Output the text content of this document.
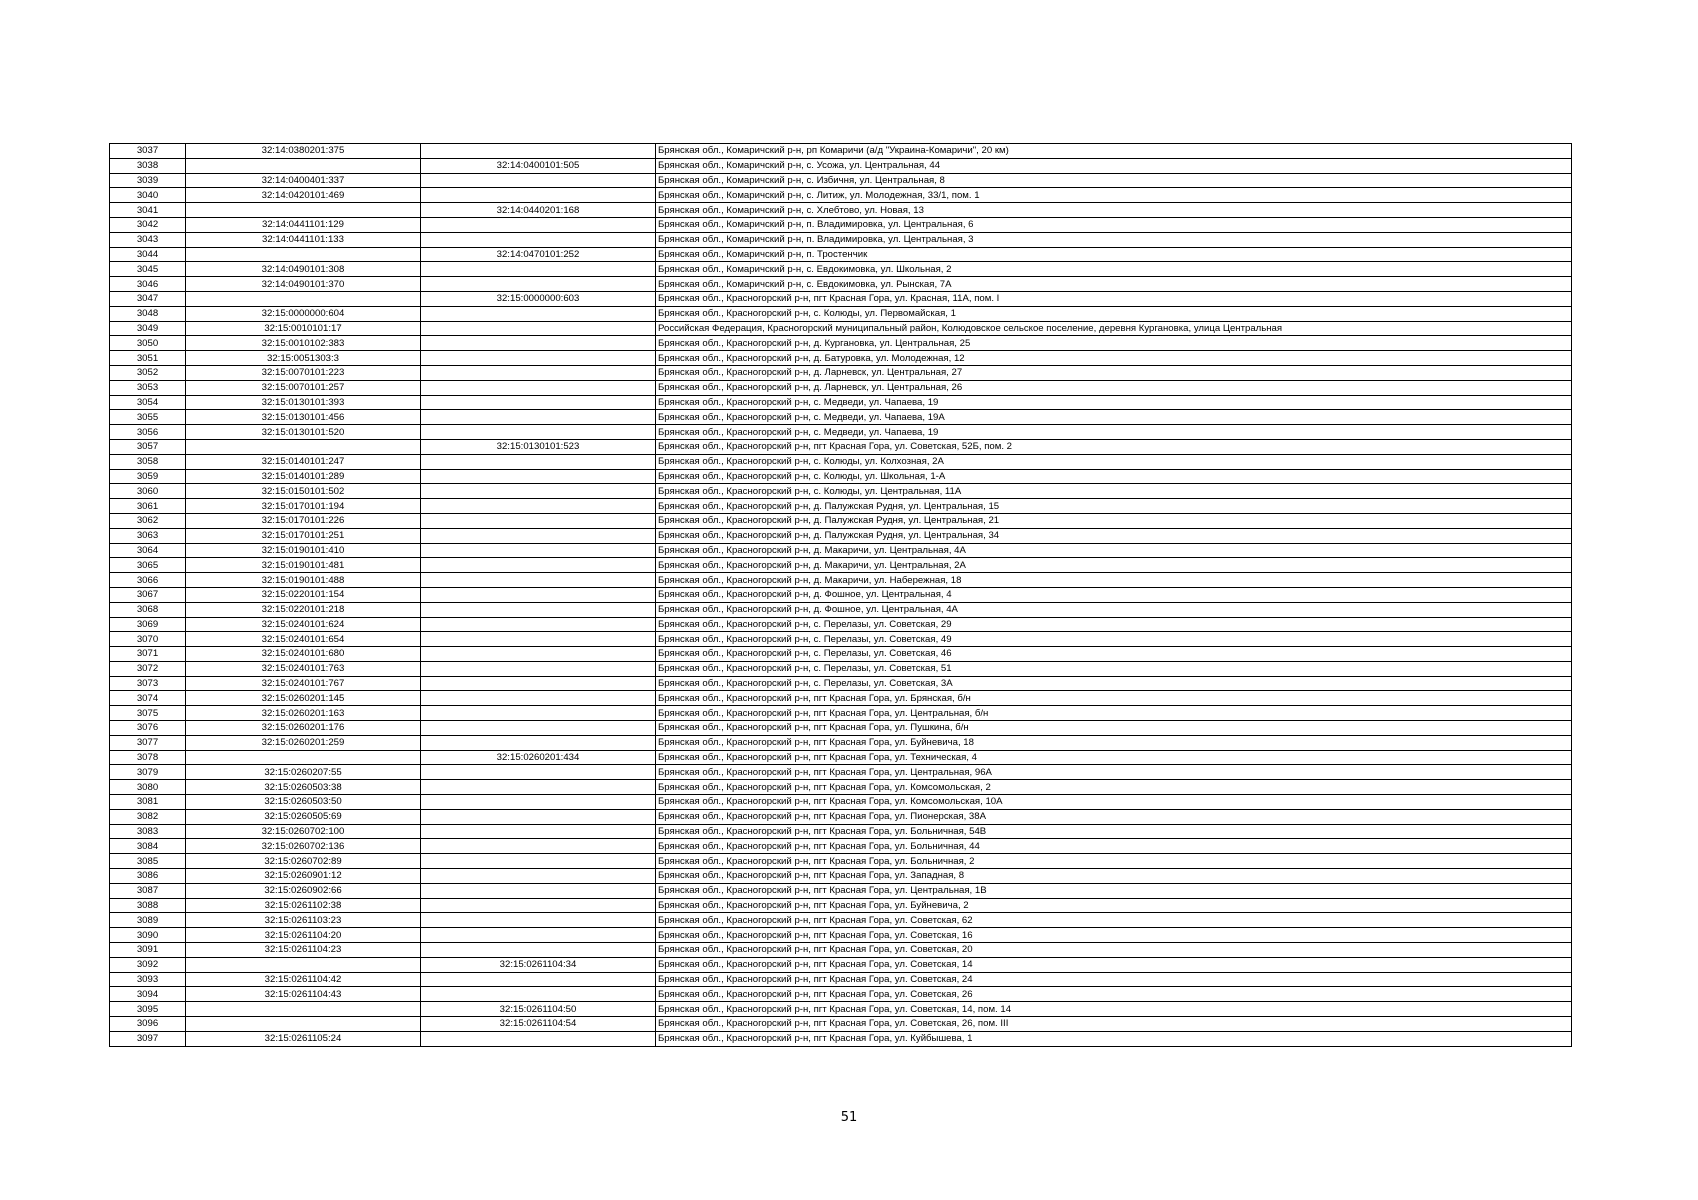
3037	32:14:0380201:375		Брянская обл., Комаричский р-н, рп Комаричи (а/д "Украина-Комаричи", 20 км)
3038		32:14:0400101:505	Брянская обл., Комаричский р-н, с. Усожа, ул. Центральная, 44
3039	32:14:0400401:337		Брянская обл., Комаричский р-н, с. Избичня, ул. Центральная, 8
3040	32:14:0420101:469		Брянская обл., Комаричский р-н, с. Литиж, ул. Молодежная, 33/1, пом. 1
3041		32:14:0440201:168	Брянская обл., Комаричский р-н, с. Хлебтово, ул. Новая, 13
3042	32:14:0441101:129		Брянская обл., Комаричский р-н, п. Владимировка, ул. Центральная, 6
3043	32:14:0441101:133		Брянская обл., Комаричский р-н, п. Владимировка, ул. Центральная, 3
3044		32:14:0470101:252	Брянская обл., Комаричский р-н, п. Тростенчик
3045	32:14:0490101:308		Брянская обл., Комаричский р-н, с. Евдокимовка, ул. Школьная, 2
3046	32:14:0490101:370		Брянская обл., Комаричский р-н, с. Евдокимовка, ул. Рынская, 7А
3047		32:15:0000000:603	Брянская обл., Красногорский р-н, пгт Красная Гора, ул. Красная, 11А, пом. I
3048	32:15:0000000:604		Брянская обл., Красногорский р-н, с. Колюды, ул. Первомайская, 1
3049	32:15:0010101:17		Российская Федерация, Красногорский муниципальный район, Колюдовское сельское поселение, деревня Кургановка, улица Центральная
3050	32:15:0010102:383		Брянская обл., Красногорский р-н, д. Кургановка, ул. Центральная, 25
3051	32:15:0051303:3		Брянская обл., Красногорский р-н, д. Батуровка, ул. Молодежная, 12
3052	32:15:0070101:223		Брянская обл., Красногорский р-н, д. Ларневск, ул. Центральная, 27
3053	32:15:0070101:257		Брянская обл., Красногорский р-н, д. Ларневск, ул. Центральная, 26
3054	32:15:0130101:393		Брянская обл., Красногорский р-н, с. Медведи, ул. Чапаева, 19
3055	32:15:0130101:456		Брянская обл., Красногорский р-н, с. Медведи, ул. Чапаева, 19А
3056	32:15:0130101:520		Брянская обл., Красногорский р-н, с. Медведи, ул. Чапаева, 19
3057		32:15:0130101:523	Брянская обл., Красногорский р-н, пгт Красная Гора, ул. Советская, 52Б, пом. 2
3058	32:15:0140101:247		Брянская обл., Красногорский р-н, с. Колюды, ул. Колхозная, 2А
3059	32:15:0140101:289		Брянская обл., Красногорский р-н, с. Колюды, ул. Школьная, 1-А
3060	32:15:0150101:502		Брянская обл., Красногорский р-н, с. Колюды, ул. Центральная, 11А
3061	32:15:0170101:194		Брянская обл., Красногорский р-н, д. Палужская Рудня, ул. Центральная, 15
3062	32:15:0170101:226		Брянская обл., Красногорский р-н, д. Палужская Рудня, ул. Центральная, 21
3063	32:15:0170101:251		Брянская обл., Красногорский р-н, д. Палужская Рудня, ул. Центральная, 34
3064	32:15:0190101:410		Брянская обл., Красногорский р-н, д. Макаричи, ул. Центральная, 4А
3065	32:15:0190101:481		Брянская обл., Красногорский р-н, д. Макаричи, ул. Центральная, 2А
3066	32:15:0190101:488		Брянская обл., Красногорский р-н, д. Макаричи, ул. Набережная, 18
3067	32:15:0220101:154		Брянская обл., Красногорский р-н, д. Фошное, ул. Центральная, 4
3068	32:15:0220101:218		Брянская обл., Красногорский р-н, д. Фошное, ул. Центральная, 4А
3069	32:15:0240101:624		Брянская обл., Красногорский р-н, с. Перелазы, ул. Советская, 29
3070	32:15:0240101:654		Брянская обл., Красногорский р-н, с. Перелазы, ул. Советская, 49
3071	32:15:0240101:680		Брянская обл., Красногорский р-н, с. Перелазы, ул. Советская, 46
3072	32:15:0240101:763		Брянская обл., Красногорский р-н, с. Перелазы, ул. Советская, 51
3073	32:15:0240101:767		Брянская обл., Красногорский р-н, с. Перелазы, ул. Советская, 3А
3074	32:15:0260201:145		Брянская обл., Красногорский р-н, пгт Красная Гора, ул. Брянская, б/н
3075	32:15:0260201:163		Брянская обл., Красногорский р-н, пгт Красная Гора, ул. Центральная, б/н
3076	32:15:0260201:176		Брянская обл., Красногорский р-н, пгт Красная Гора, ул. Пушкина, б/н
3077	32:15:0260201:259		Брянская обл., Красногорский р-н, пгт Красная Гора, ул. Буйневича, 18
3078		32:15:0260201:434	Брянская обл., Красногорский р-н, пгт Красная Гора, ул. Техническая, 4
3079	32:15:0260207:55		Брянская обл., Красногорский р-н, пгт Красная Гора, ул. Центральная, 96А
3080	32:15:0260503:38		Брянская обл., Красногорский р-н, пгт Красная Гора, ул. Комсомольская, 2
3081	32:15:0260503:50		Брянская обл., Красногорский р-н, пгт Красная Гора, ул. Комсомольская, 10А
3082	32:15:0260505:69		Брянская обл., Красногорский р-н, пгт Красная Гора, ул. Пионерская, 38А
3083	32:15:0260702:100		Брянская обл., Красногорский р-н, пгт Красная Гора, ул. Больничная, 54В
3084	32:15:0260702:136		Брянская обл., Красногорский р-н, пгт Красная Гора, ул. Больничная, 44
3085	32:15:0260702:89		Брянская обл., Красногорский р-н, пгт Красная Гора, ул. Больничная, 2
3086	32:15:0260901:12		Брянская обл., Красногорский р-н, пгт Красная Гора, ул. Западная, 8
3087	32:15:0260902:66		Брянская обл., Красногорский р-н, пгт Красная Гора, ул. Центральная, 1В
3088	32:15:0261102:38		Брянская обл., Красногорский р-н, пгт Красная Гора, ул. Буйневича, 2
3089	32:15:0261103:23		Брянская обл., Красногорский р-н, пгт Красная Гора, ул. Советская, 62
3090	32:15:0261104:20		Брянская обл., Красногорский р-н, пгт Красная Гора, ул. Советская, 16
3091	32:15:0261104:23		Брянская обл., Красногорский р-н, пгт Красная Гора, ул. Советская, 20
3092		32:15:0261104:34	Брянская обл., Красногорский р-н, пгт Красная Гора, ул. Советская, 14
3093	32:15:0261104:42		Брянская обл., Красногорский р-н, пгт Красная Гора, ул. Советская, 24
3094	32:15:0261104:43		Брянская обл., Красногорский р-н, пгт Красная Гора, ул. Советская, 26
3095		32:15:0261104:50	Брянская обл., Красногорский р-н, пгт Красная Гора, ул. Советская, 14, пом. 14
3096		32:15:0261104:54	Брянская обл., Красногорский р-н, пгт Красная Гора, ул. Советская, 26, пом. III
3097	32:15:0261105:24		Брянская обл., Красногорский р-н, пгт Красная Гора, ул. Куйбышева, 1
51
